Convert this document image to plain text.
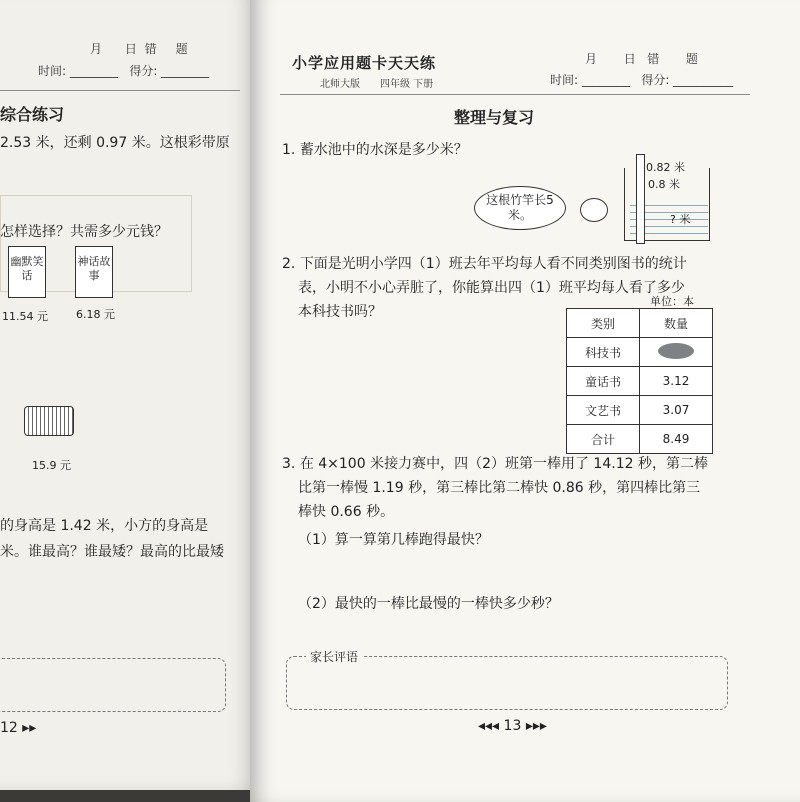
月 日 错 题
时间: ________   得分: ________
综合练习
2.53 米，还剩 0.97 米。这根彩带原
怎样选择？共需多少元钱？
幽默笑话
11.54 元
神话故事
6.18 元
15.9 元
的身高是 1.42 米，小方的身高是
米。谁最高？谁最矮？最高的比最矮
12 ▸▸
小学应用题卡天天练
北师大版 四年级 下册
月 日 错 题
时间: ________   得分: __________
整理与复习
1. 蓄水池中的水深是多少米？
这根竹竿长5米。
0.82 米
0.8 米
? 米
2. 下面是光明小学四（1）班去年平均每人看不同类别图书的统计
表，小明不小心弄脏了，你能算出四（1）班平均每人看了多少
本科技书吗？
单位：本
类别	数量
科技书	
童话书	3.12
文艺书	3.07
合计	8.49
3. 在 4×100 米接力赛中，四（2）班第一棒用了 14.12 秒，第二棒
比第一棒慢 1.19 秒，第三棒比第二棒快 0.86 秒，第四棒比第三
棒快 0.66 秒。
（1）算一算第几棒跑得最快？
（2）最快的一棒比最慢的一棒快多少秒？
家长评语
◂◂◂ 13 ▸▸▸
